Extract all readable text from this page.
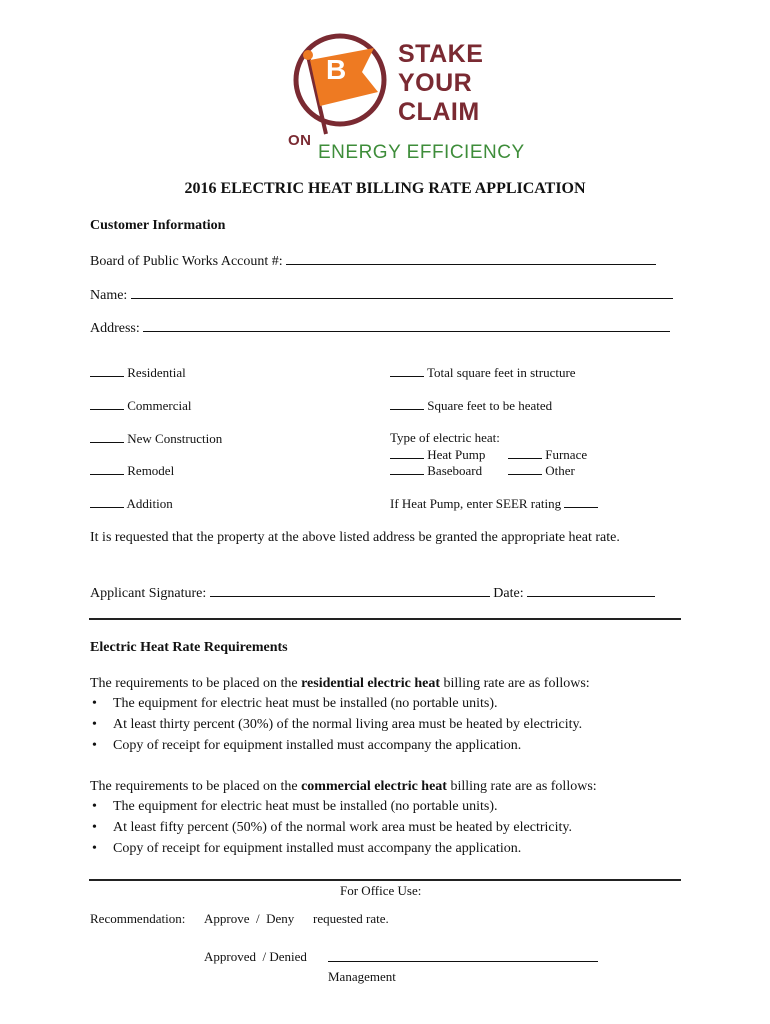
B STAKE
YOUR
CLAIM
ON
ENERGY EFFICIENCY
2016 ELECTRIC HEAT BILLING RATE APPLICATION
Customer Information
Board of Public Works Account #:
Name:
Address:
Residential
Commercial
New Construction
Remodel
Addition
Total square feet in structure
Square feet to be heated
Type of electric heat:
Heat Pump	Furnace
Baseboard	Other
If Heat Pump, enter SEER rating
It is requested that the property at the above listed address be granted the appropriate heat rate.
Applicant Signature:	Date:
Electric Heat Rate Requirements
The requirements to be placed on the residential electric heat billing rate are as follows:
• The equipment for electric heat must be installed (no portable units).
• At least thirty percent (30%) of the normal living area must be heated by electricity.
• Copy of receipt for equipment installed must accompany the application.
The requirements to be placed on the commercial electric heat billing rate are as follows:
• The equipment for electric heat must be installed (no portable units).
• At least fifty percent (50%) of the normal work area must be heated by electricity.
• Copy of receipt for equipment installed must accompany the application.
For Office Use:
Recommendation: Approve  /  Deny requested rate.
Approved  / Denied
Management
